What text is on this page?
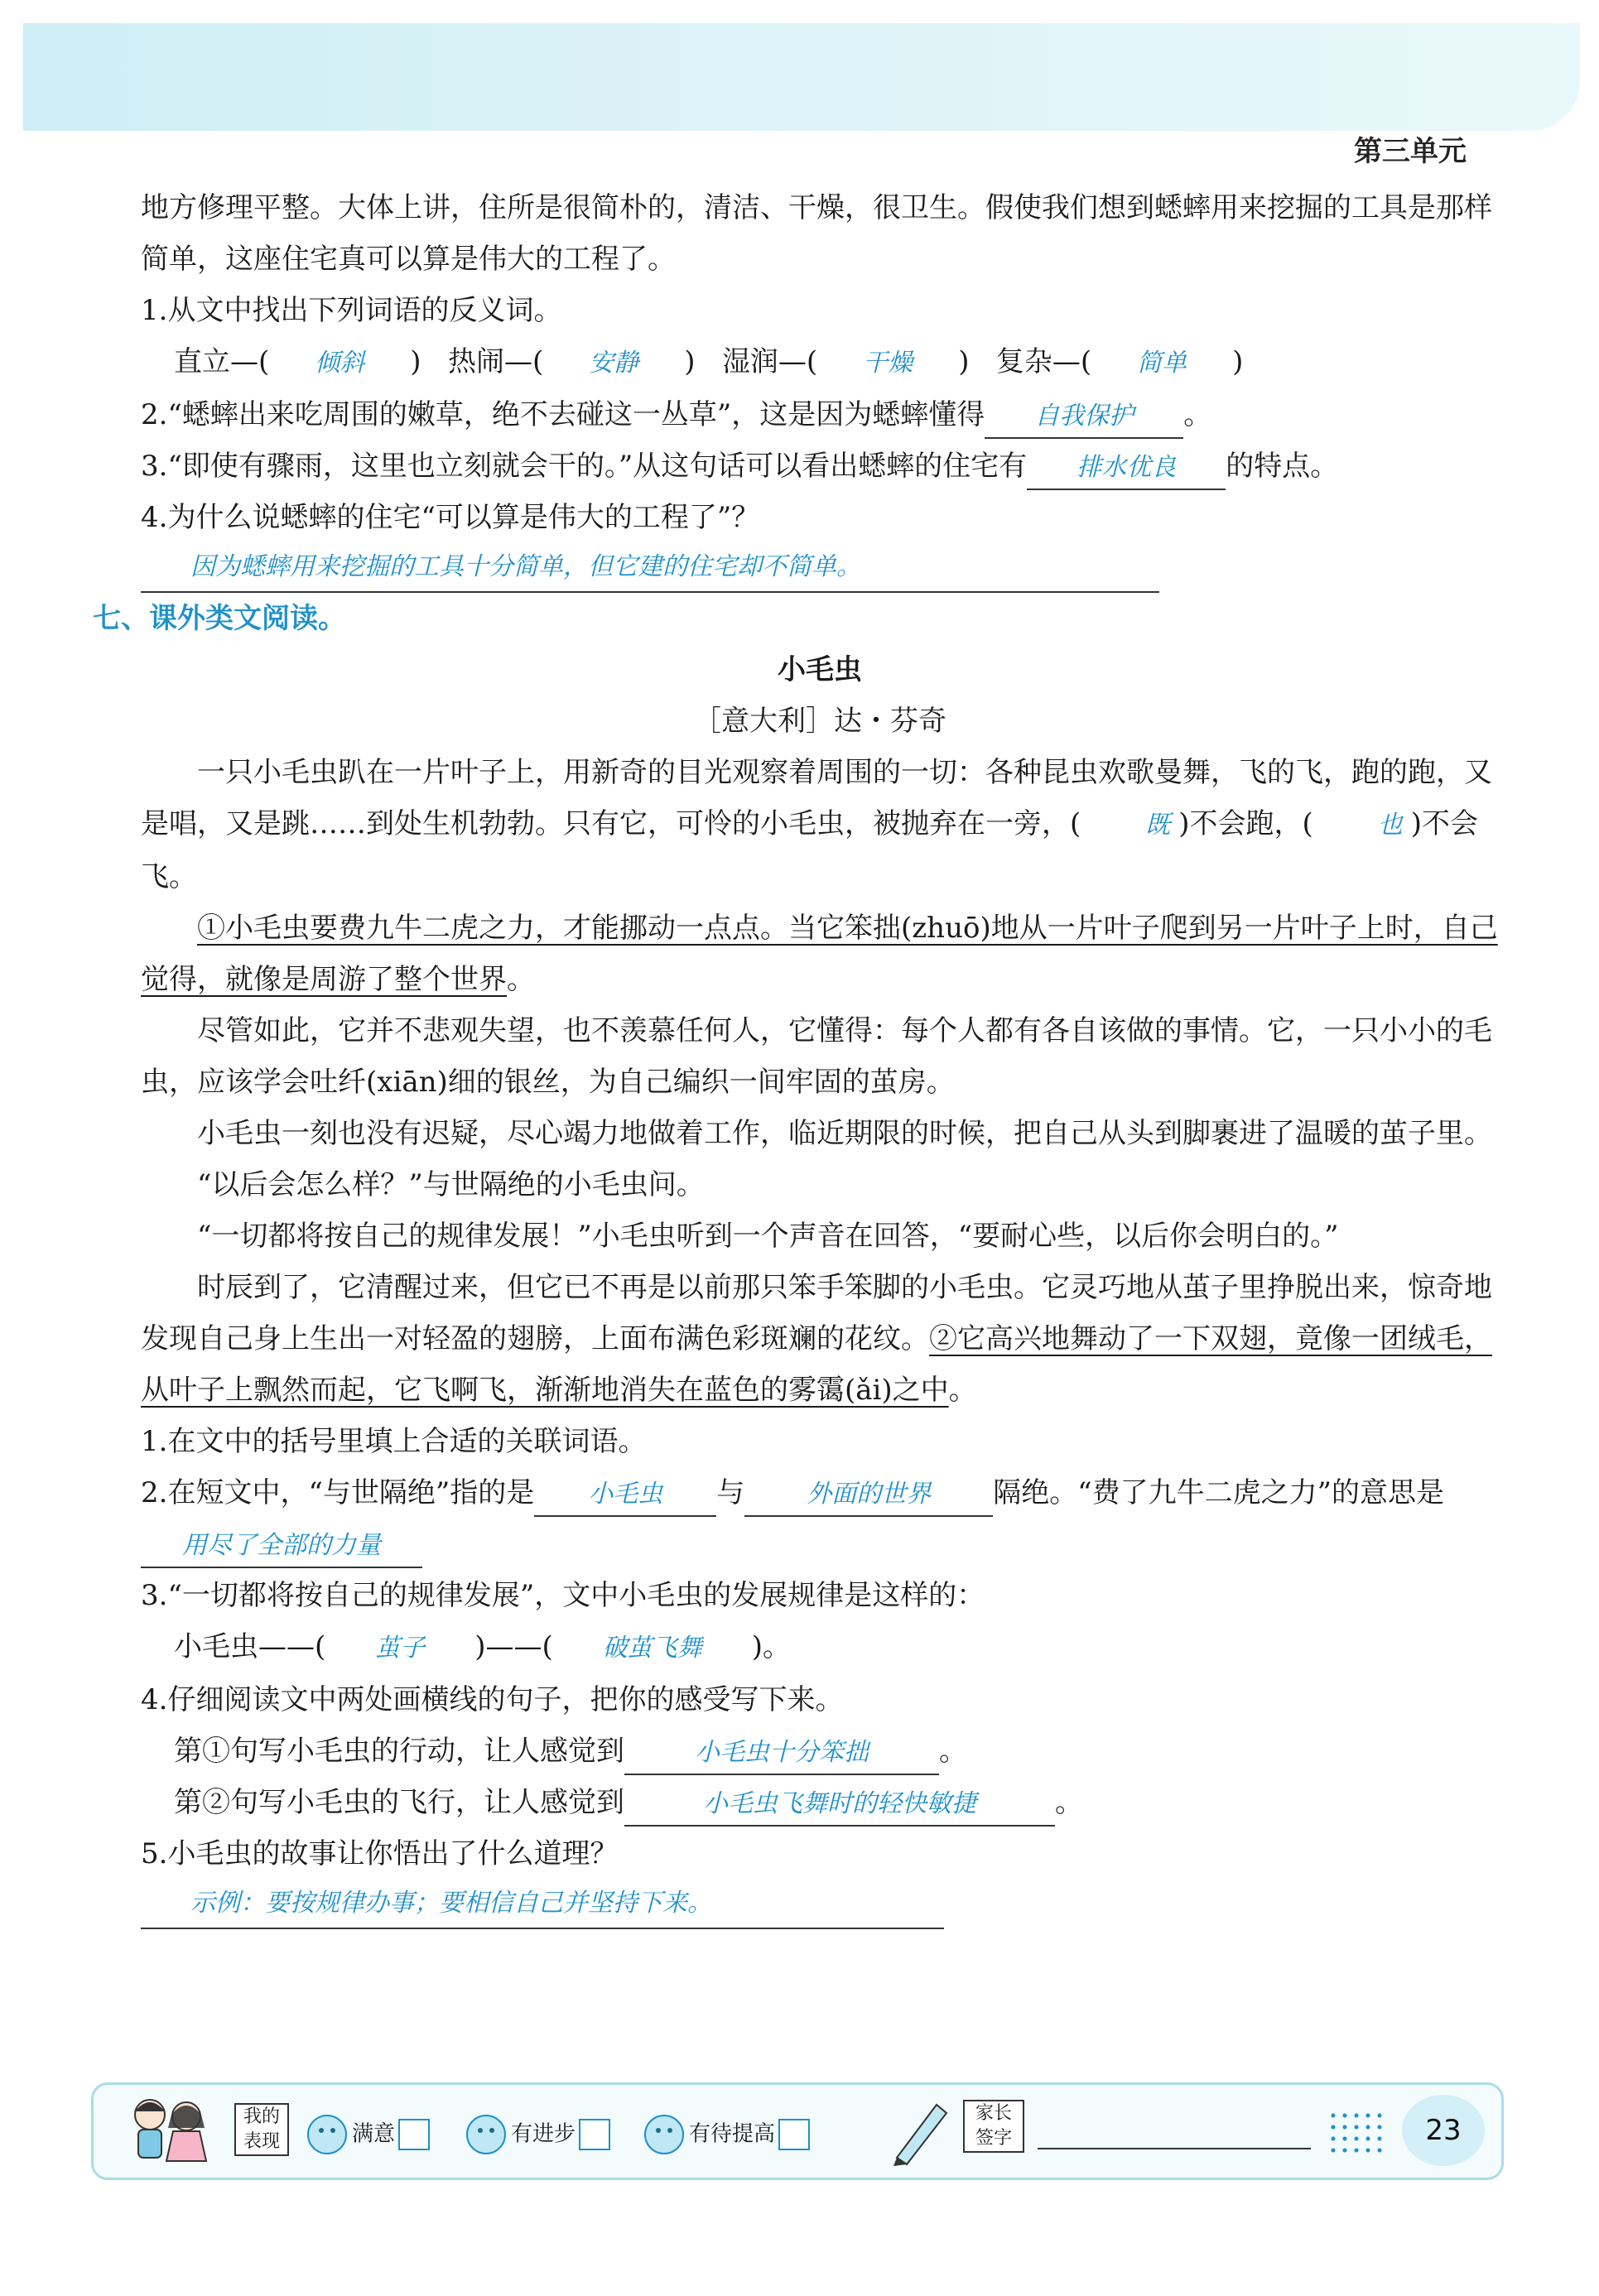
第三单元

地方修理平整。大体上讲，住所是很简朴的，清洁、干燥，很卫生。假使我们想到蟋蟀用来挖掘的工具是那样简单，这座住宅真可以算是伟大的工程了。

1.从文中找出下列词语的反义词。

直立—( 倾斜 ) 热闹—( 安静 ) 湿润—( 干燥 ) 复杂—( 简单 )

2.“蟋蟀出来吃周围的嫩草，绝不去碰这一丛草”，这是因为蟋蟀懂得 自我保护 。

3.“即使有骤雨，这里也立刻就会干的。”从这句话可以看出蟋蟀的住宅有 排水优良 的特点。

4.为什么说蟋蟀的住宅“可以算是伟大的工程了”？

因为蟋蟀用来挖掘的工具十分简单，但它建的住宅却不简单。

七、课外类文阅读。

小毛虫

［意大利］达・芬奇

一只小毛虫趴在一片叶子上，用新奇的目光观察着周围的一切：各种昆虫欢歌曼舞，飞的飞，跑的跑，又是唱，又是跳……到处生机勃勃。只有它，可怜的小毛虫，被抛弃在一旁，(	既 )不会跑，(	也 )不会飞。

①小毛虫要费九牛二虎之力，才能挪动一点点。当它笨拙(zhuō)地从一片叶子爬到另一片叶子上时，自己觉得，就像是周游了整个世界。

尽管如此，它并不悲观失望，也不羡慕任何人，它懂得：每个人都有各自该做的事情。它，一只小小的毛虫，应该学会吐纤(xiān)细的银丝，为自己编织一间牢固的茧房。

小毛虫一刻也没有迟疑，尽心竭力地做着工作，临近期限的时候，把自己从头到脚裹进了温暖的茧子里。

“以后会怎么样？”与世隔绝的小毛虫问。

“一切都将按自己的规律发展！”小毛虫听到一个声音在回答，“要耐心些，以后你会明白的。”

时辰到了，它清醒过来，但它已不再是以前那只笨手笨脚的小毛虫。它灵巧地从茧子里挣脱出来，惊奇地发现自己身上生出一对轻盈的翅膀，上面布满色彩斑斓的花纹。②它高兴地舞动了一下双翅，竟像一团绒毛，从叶子上飘然而起，它飞啊飞，渐渐地消失在蓝色的雾霭(ǎi)之中。

1.在文中的括号里填上合适的关联词语。

2.在短文中，“与世隔绝”指的是 小毛虫 与	外面的世界 隔绝。“费了九牛二虎之力”的意思是用尽了全部的力量

3.“一切都将按自己的规律发展”，文中小毛虫的发展规律是这样的：

小毛虫——( 茧子 )——( 破茧飞舞 )。

4.仔细阅读文中两处画横线的句子，把你的感受写下来。

第①句写小毛虫的行动，让人感觉到	小毛虫十分笨拙	。

第②句写小毛虫的飞行，让人感觉到	小毛虫飞舞时的轻快敏捷	。

5.小毛虫的故事让你悟出了什么道理？

示例：要按规律办事；要相信自己并坚持下来。
我的
表现	满意	有进步	有待提高
家长
签字	23
